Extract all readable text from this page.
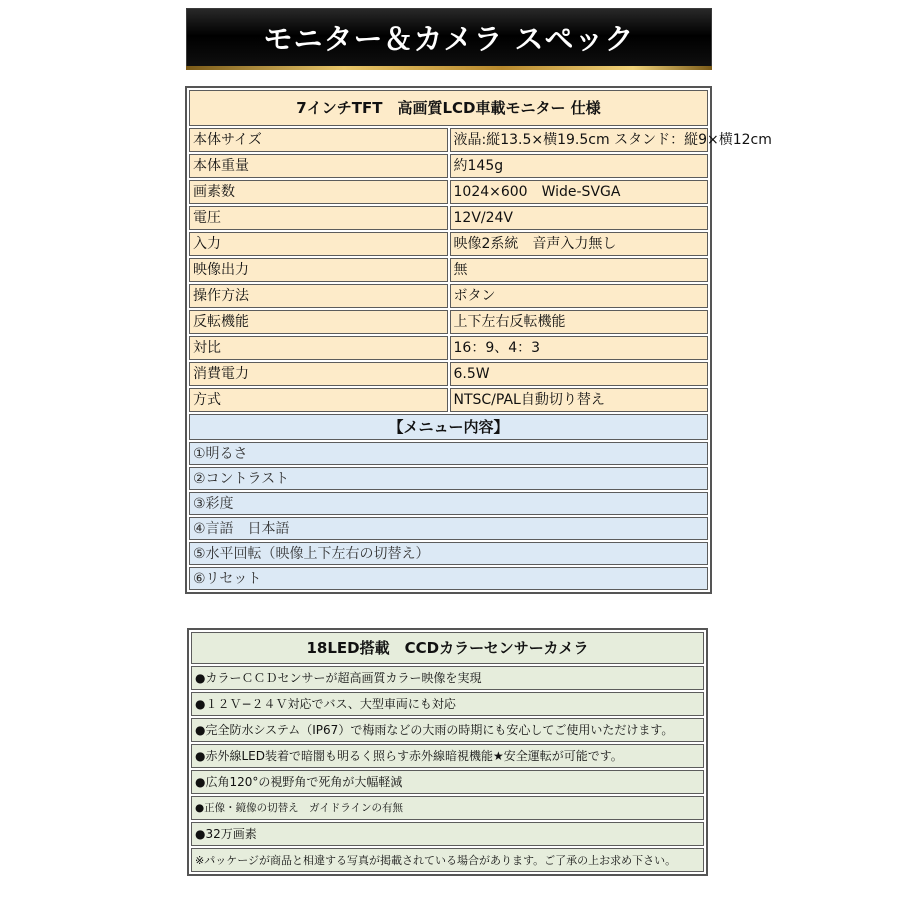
モニター＆カメラ スペック
7インチTFT　高画質LCD車載モニター 仕様	
本体サイズ	液晶:縦13.5×横19.5cm スタンド：縦9×横12cm
本体重量	約145g
画素数	1024×600　Wide-SVGA
電圧	12V/24V
入力	映像2系統　音声入力無し
映像出力	無
操作方法	ボタン
反転機能	上下左右反転機能
対比	16：9、4：3
消費電力	6.5W
方式	NTSC/PAL自動切り替え
【メニュー内容】	
①明るさ	
②コントラスト	
③彩度	
④言語　日本語	
⑤水平回転（映像上下左右の切替え）	
⑥リセット	
18LED搭載　CCDカラーセンサーカメラ
●カラーＣＣＤセンサーが超高画質カラー映像を実現
●１２Ｖ−２４Ｖ対応でバス、大型車両にも対応
●完全防水システム（IP67）で梅雨などの大雨の時期にも安心してご使用いただけます。
●赤外線LED装着で暗闇も明るく照らす赤外線暗視機能★安全運転が可能です。
●広角120°の視野角で死角が大幅軽減
●正像・鏡像の切替え　ガイドラインの有無
●32万画素
※パッケージが商品と相違する写真が掲載されている場合があります。ご了承の上お求め下さい。
